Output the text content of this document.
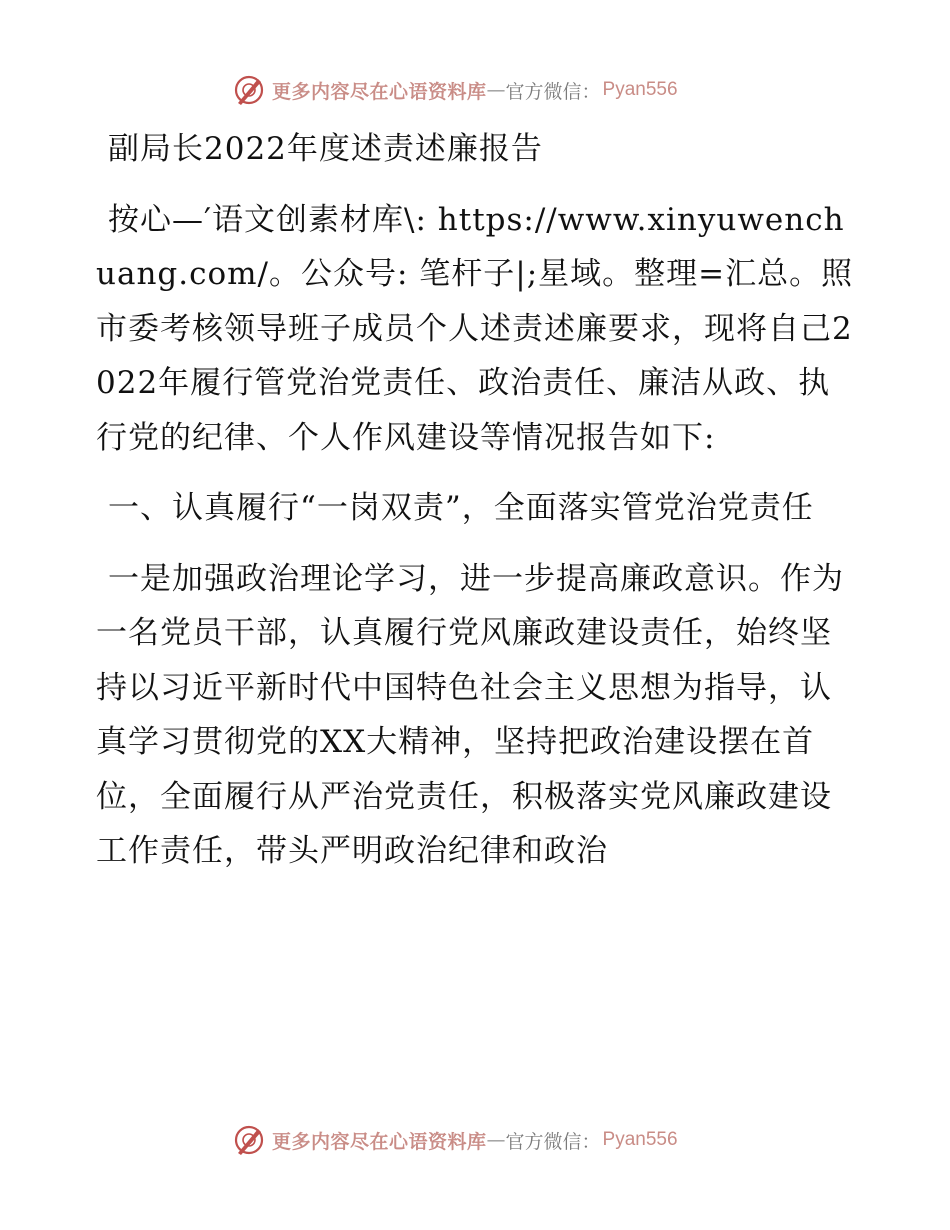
更多内容尽在心语资料库 — 官方微信： Pyan556

副局长2022年度述责述廉报告

按心—′语文创素材库\: https://www.xinyuwenchuang.com/。公众号: 笔杆子|;星域。整理=汇总。照市委考核领导班子成员个人述责述廉要求，现将自己2022年履行管党治党责任、政治责任、廉洁从政、执行党的纪律、个人作风建设等情况报告如下:

一、认真履行“一岗双责”，全面落实管党治党责任

一是加强政治理论学习，进一步提高廉政意识。作为一名党员干部，认真履行党风廉政建设责任，始终坚持以习近平新时代中国特色社会主义思想为指导，认真学习贯彻党的XX大精神，坚持把政治建设摆在首位，全面履行从严治党责任，积极落实党风廉政建设工作责任，带头严明政治纪律和政治

更多内容尽在心语资料库 — 官方微信： Pyan556
